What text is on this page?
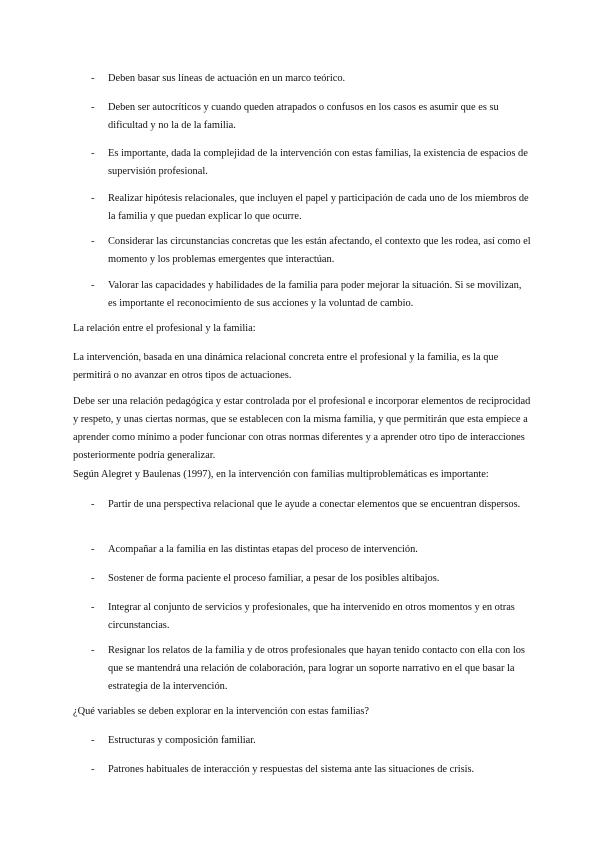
- Deben basar sus líneas de actuación en un marco teórico.
- Deben ser autocríticos y cuando queden atrapados o confusos en los casos es asumir que es su dificultad y no la de la familia.
- Es importante, dada la complejidad de la intervención con estas familias, la existencia de espacios de supervisión profesional.
- Realizar hipótesis relacionales, que incluyen el papel y participación de cada uno de los miembros de la familia y que puedan explicar lo que ocurre.
- Considerar las circunstancias concretas que les están afectando, el contexto que les rodea, así como el momento y los problemas emergentes que interactúan.
- Valorar las capacidades y habilidades de la familia para poder mejorar la situación. Si se movilizan, es importante el reconocimiento de sus acciones y la voluntad de cambio.
La relación entre el profesional y la familia:
La intervención, basada en una dinámica relacional concreta entre el profesional y la familia, es la que permitirá o no avanzar en otros tipos de actuaciones.
Debe ser una relación pedagógica y estar controlada por el profesional e incorporar elementos de reciprocidad y respeto, y unas ciertas normas, que se establecen con la misma familia, y que permitirán que esta empiece a aprender como mínimo a poder funcionar con otras normas diferentes y a aprender otro tipo de interacciones posteriormente podría generalizar.
Según Alegret y Baulenas (1997), en la intervención con familias multiproblemáticas es importante:
- Partir de una perspectiva relacional que le ayude a conectar elementos que se encuentran dispersos.
- Acompañar a la familia en las distintas etapas del proceso de intervención.
- Sostener de forma paciente el proceso familiar, a pesar de los posibles altibajos.
- Integrar al conjunto de servicios y profesionales, que ha intervenido en otros momentos y en otras circunstancias.
- Resignar los relatos de la familia y de otros profesionales que hayan tenido contacto con ella con los que se mantendrá una relación de colaboración, para lograr un soporte narrativo en el que basar la estrategia de la intervención.
¿Qué variables se deben explorar en la intervención con estas familias?
- Estructuras y composición familiar.
- Patrones habituales de interacción y respuestas del sistema ante las situaciones de crisis.
